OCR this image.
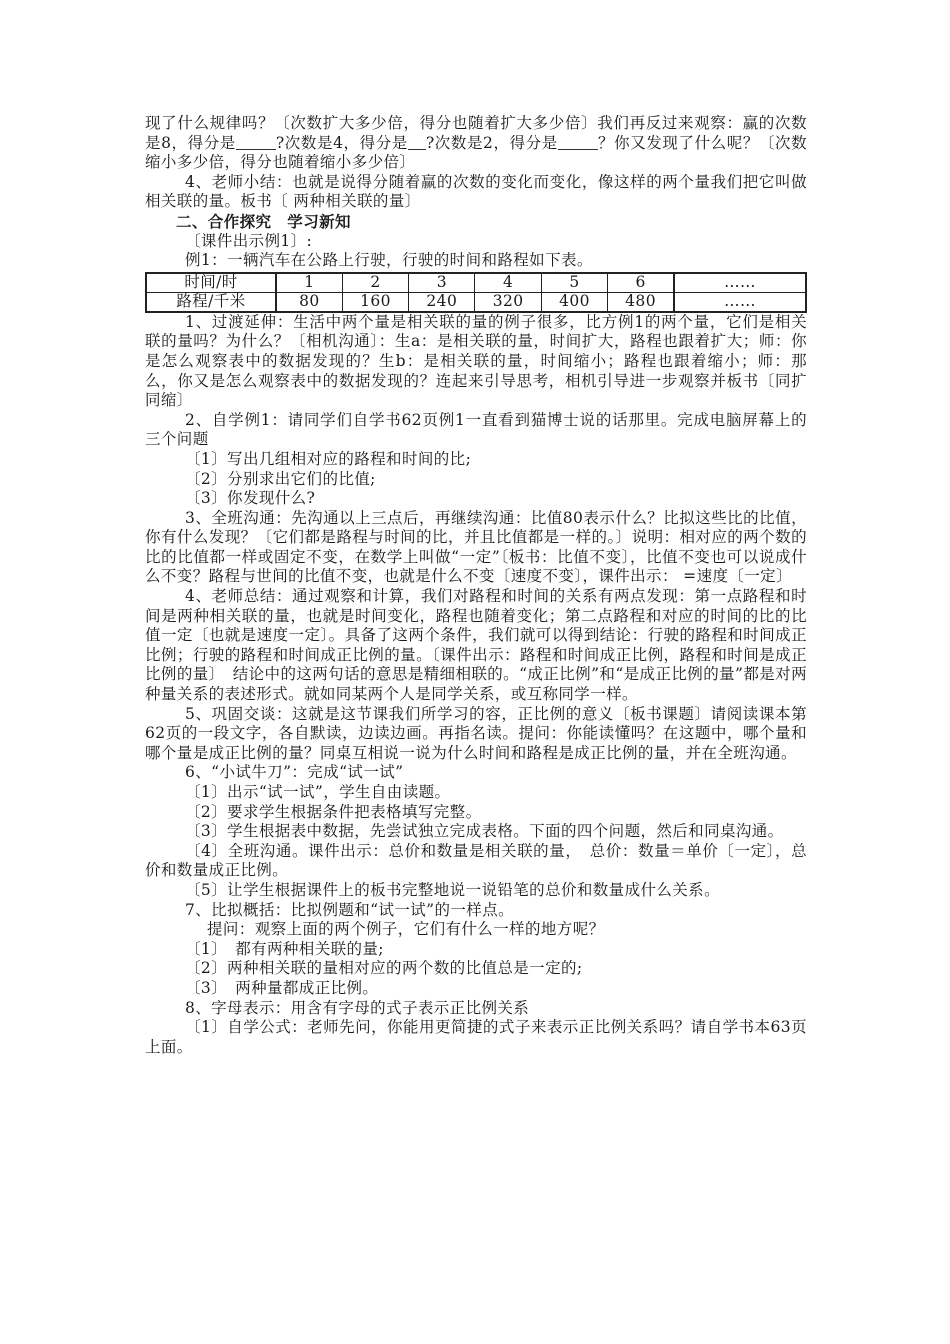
现了什么规律吗？〔次数扩大多少倍，得分也随着扩大多少倍〕我们再反过来观察：赢的次数是8，得分是	?次数是4，得分是 ?次数是2，得分是	？你又发现了什么呢？〔次数缩小多少倍，得分也随着缩小多少倍〕

4、老师小结：也就是说得分随着赢的次数的变化而变化，像这样的两个量我们把它叫做相关联的量。板书〔 两种相关联的量〕

二、合作探究　学习新知

〔课件出示例1〕:

例1：一辆汽车在公路上行驶，行驶的时间和路程如下表。

时间/时	1	2	3	4	5	6	……
路程/千米	80	160	240	320	400	480	……

1、过渡延伸：生活中两个量是相关联的量的例子很多，比方例1的两个量，它们是相关联的量吗？为什么？〔相机沟通〕：生a：是相关联的量，时间扩大，路程也跟着扩大；师：你是怎么观察表中的数据发现的？生b：是相关联的量，时间缩小；路程也跟着缩小；师：那么，你又是怎么观察表中的数据发现的？连起来引导思考，相机引导进一步观察并板书〔同扩同缩〕

2、自学例1：请同学们自学书62页例1一直看到猫博士说的话那里。完成电脑屏幕上的三个问题

〔1〕写出几组相对应的路程和时间的比;

〔2〕分别求出它们的比值;

〔3〕你发现什么?

3、全班沟通：先沟通以上三点后，再继续沟通：比值80表示什么？比拟这些比的比值，你有什么发现？〔它们都是路程与时间的比，并且比值都是一样的。〕说明：相对应的两个数的比的比值都一样或固定不变，在数学上叫做“一定”〔板书：比值不变〕，比值不变也可以说成什么不变？路程与世间的比值不变，也就是什么不变〔速度不变〕，课件出示： =速度〔一定〕

4、老师总结：通过观察和计算，我们对路程和时间的关系有两点发现：第一点路程和时间是两种相关联的量，也就是时间变化，路程也随着变化；第二点路程和对应的时间的比的比值一定〔也就是速度一定〕。具备了这两个条件，我们就可以得到结论：行驶的路程和时间成正比例；行驶的路程和时间成正比例的量。〔课件出示：路程和时间成正比例，路程和时间是成正比例的量〕　结论中的这两句话的意思是精细相联的。“成正比例”和“是成正比例的量”都是对两种量关系的表述形式。就如同某两个人是同学关系，或互称同学一样。

5、巩固交谈：这就是这节课我们所学习的容，正比例的意义〔板书课题〕请阅读课本第62页的一段文字，各自默读，边读边画。再指名读。提问：你能读懂吗？在这题中，哪个量和哪个量是成正比例的量？同桌互相说一说为什么时间和路程是成正比例的量，并在全班沟通。

6、“小试牛刀”：完成“试一试”

〔1〕出示“试一试”，学生自由读题。

〔2〕要求学生根据条件把表格填写完整。

〔3〕学生根据表中数据，先尝试独立完成表格。下面的四个问题，然后和同桌沟通。

〔4〕全班沟通。课件出示：总价和数量是相关联的量，　总价：数量＝单价〔一定〕，总价和数量成正比例。

〔5〕让学生根据课件上的板书完整地说一说铅笔的总价和数量成什么关系。

7、比拟概括：比拟例题和“试一试”的一样点。

提问：观察上面的两个例子，它们有什么一样的地方呢？

〔1〕　都有两种相关联的量;

〔2〕两种相关联的量相对应的两个数的比值总是一定的;

〔3〕　两种量都成正比例。

8、字母表示：用含有字母的式子表示正比例关系

〔1〕自学公式：老师先问，你能用更简捷的式子来表示正比例关系吗？请自学书本63页上面。
